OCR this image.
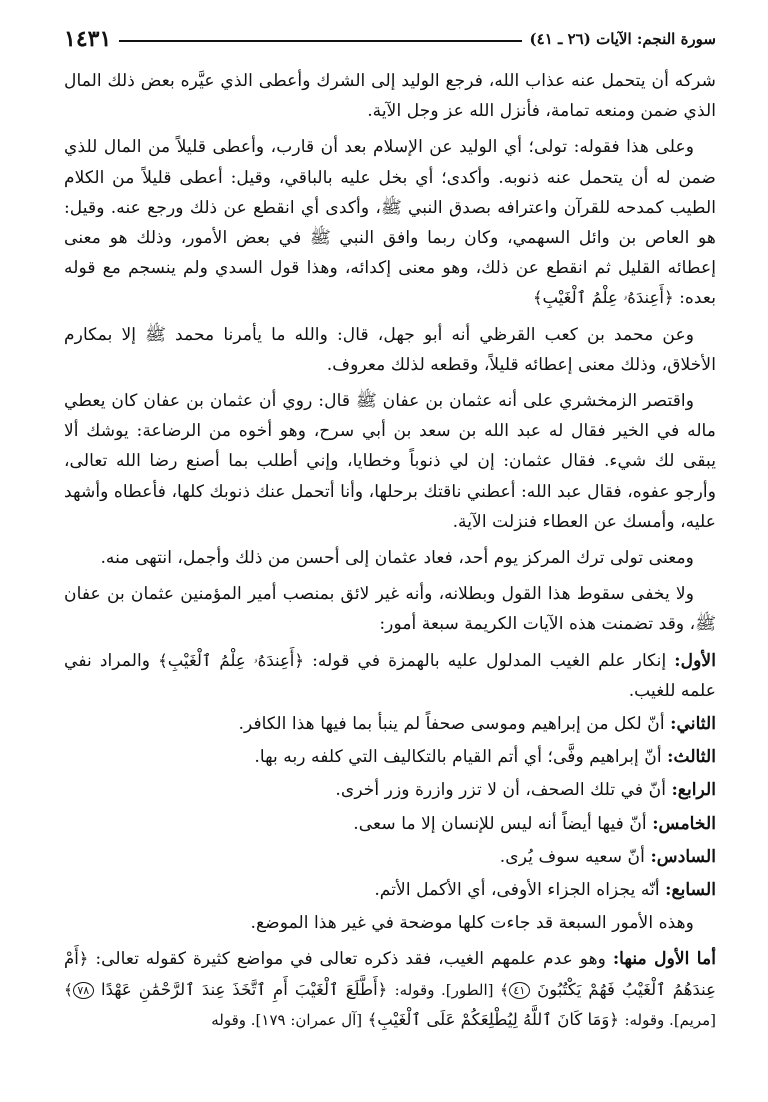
سورة النجم: الآيات (٢٦ ـ ٤١)
١٤٣١

شركه أن يتحمل عنه عذاب الله، فرجع الوليد إلى الشرك وأعطى الذي عيَّره بعض ذلك المال الذي ضمن ومنعه تمامة، فأنزل الله عز وجل الآية.

وعلى هذا فقوله: تولى؛ أي الوليد عن الإسلام بعد أن قارب، وأعطى قليلاً من المال للذي ضمن له أن يتحمل عنه ذنوبه. وأكدى؛ أي بخل عليه بالباقي، وقيل: أعطى قليلاً من الكلام الطيب كمدحه للقرآن واعترافه بصدق النبي ﷺ، وأكدى أي انقطع عن ذلك ورجع عنه. وقيل: هو العاص بن وائل السهمي، وكان ربما وافق النبي ﷺ في بعض الأمور، وذلك هو معنى إعطائه القليل ثم انقطع عن ذلك، وهو معنى إكدائه، وهذا قول السدي ولم ينسجم مع قوله بعده: ﴿أَعِندَهُۥ عِلْمُ ٱلْغَيْبِ﴾

وعن محمد بن كعب القرظي أنه أبو جهل، قال: والله ما يأمرنا محمد ﷺ إلا بمكارم الأخلاق، وذلك معنى إعطائه قليلاً، وقطعه لذلك معروف.

واقتصر الزمخشري على أنه عثمان بن عفان ﷺ قال: روي أن عثمان بن عفان كان يعطي ماله في الخير فقال له عبد الله بن سعد بن أبي سرح، وهو أخوه من الرضاعة: يوشك ألا يبقى لك شيء. فقال عثمان: إن لي ذنوباً وخطايا، وإني أطلب بما أصنع رضا الله تعالى، وأرجو عفوه، فقال عبد الله: أعطني ناقتك برحلها، وأنا أتحمل عنك ذنوبك كلها، فأعطاه وأشهد عليه، وأمسك عن العطاء فنزلت الآية.

ومعنى تولى ترك المركز يوم أحد، فعاد عثمان إلى أحسن من ذلك وأجمل، انتهى منه.

ولا يخفى سقوط هذا القول وبطلانه، وأنه غير لائق بمنصب أمير المؤمنين عثمان بن عفان ﷺ، وقد تضمنت هذه الآيات الكريمة سبعة أمور:

الأول: إنكار علم الغيب المدلول عليه بالهمزة في قوله: ﴿أَعِندَهُۥ عِلْمُ ٱلْغَيْبِ﴾ والمراد نفي علمه للغيب.

الثاني: أنّ لكل من إبراهيم وموسى صحفاً لم ينبأ بما فيها هذا الكافر.

الثالث: أنّ إبراهيم وفَّى؛ أي أتم القيام بالتكاليف التي كلفه ربه بها.

الرابع: أنّ في تلك الصحف، أن لا تزر وازرة وزر أخرى.

الخامس: أنّ فيها أيضاً أنه ليس للإنسان إلا ما سعى.

السادس: أنّ سعيه سوف يُرى.

السابع: أنّه يجزاه الجزاء الأوفى، أي الأكمل الأتم.

وهذه الأمور السبعة قد جاءت كلها موضحة في غير هذا الموضع.

أما الأول منها: وهو عدم علمهم الغيب، فقد ذكره تعالى في مواضع كثيرة كقوله تعالى: ﴿أَمْ عِندَهُمُ ٱلْغَيْبُ فَهُمْ يَكْتُبُونَ ٤١﴾ [الطور]. وقوله: ﴿أَطَّلَعَ ٱلْغَيْبَ أَمِ ٱتَّخَذَ عِندَ ٱلرَّحْمَٰنِ عَهْدًا ٧٨﴾ [مريم]. وقوله: ﴿وَمَا كَانَ ٱللَّهُ لِيُطْلِعَكُمْ عَلَى ٱلْغَيْبِ﴾ [آل عمران: ١٧٩]. وقوله
